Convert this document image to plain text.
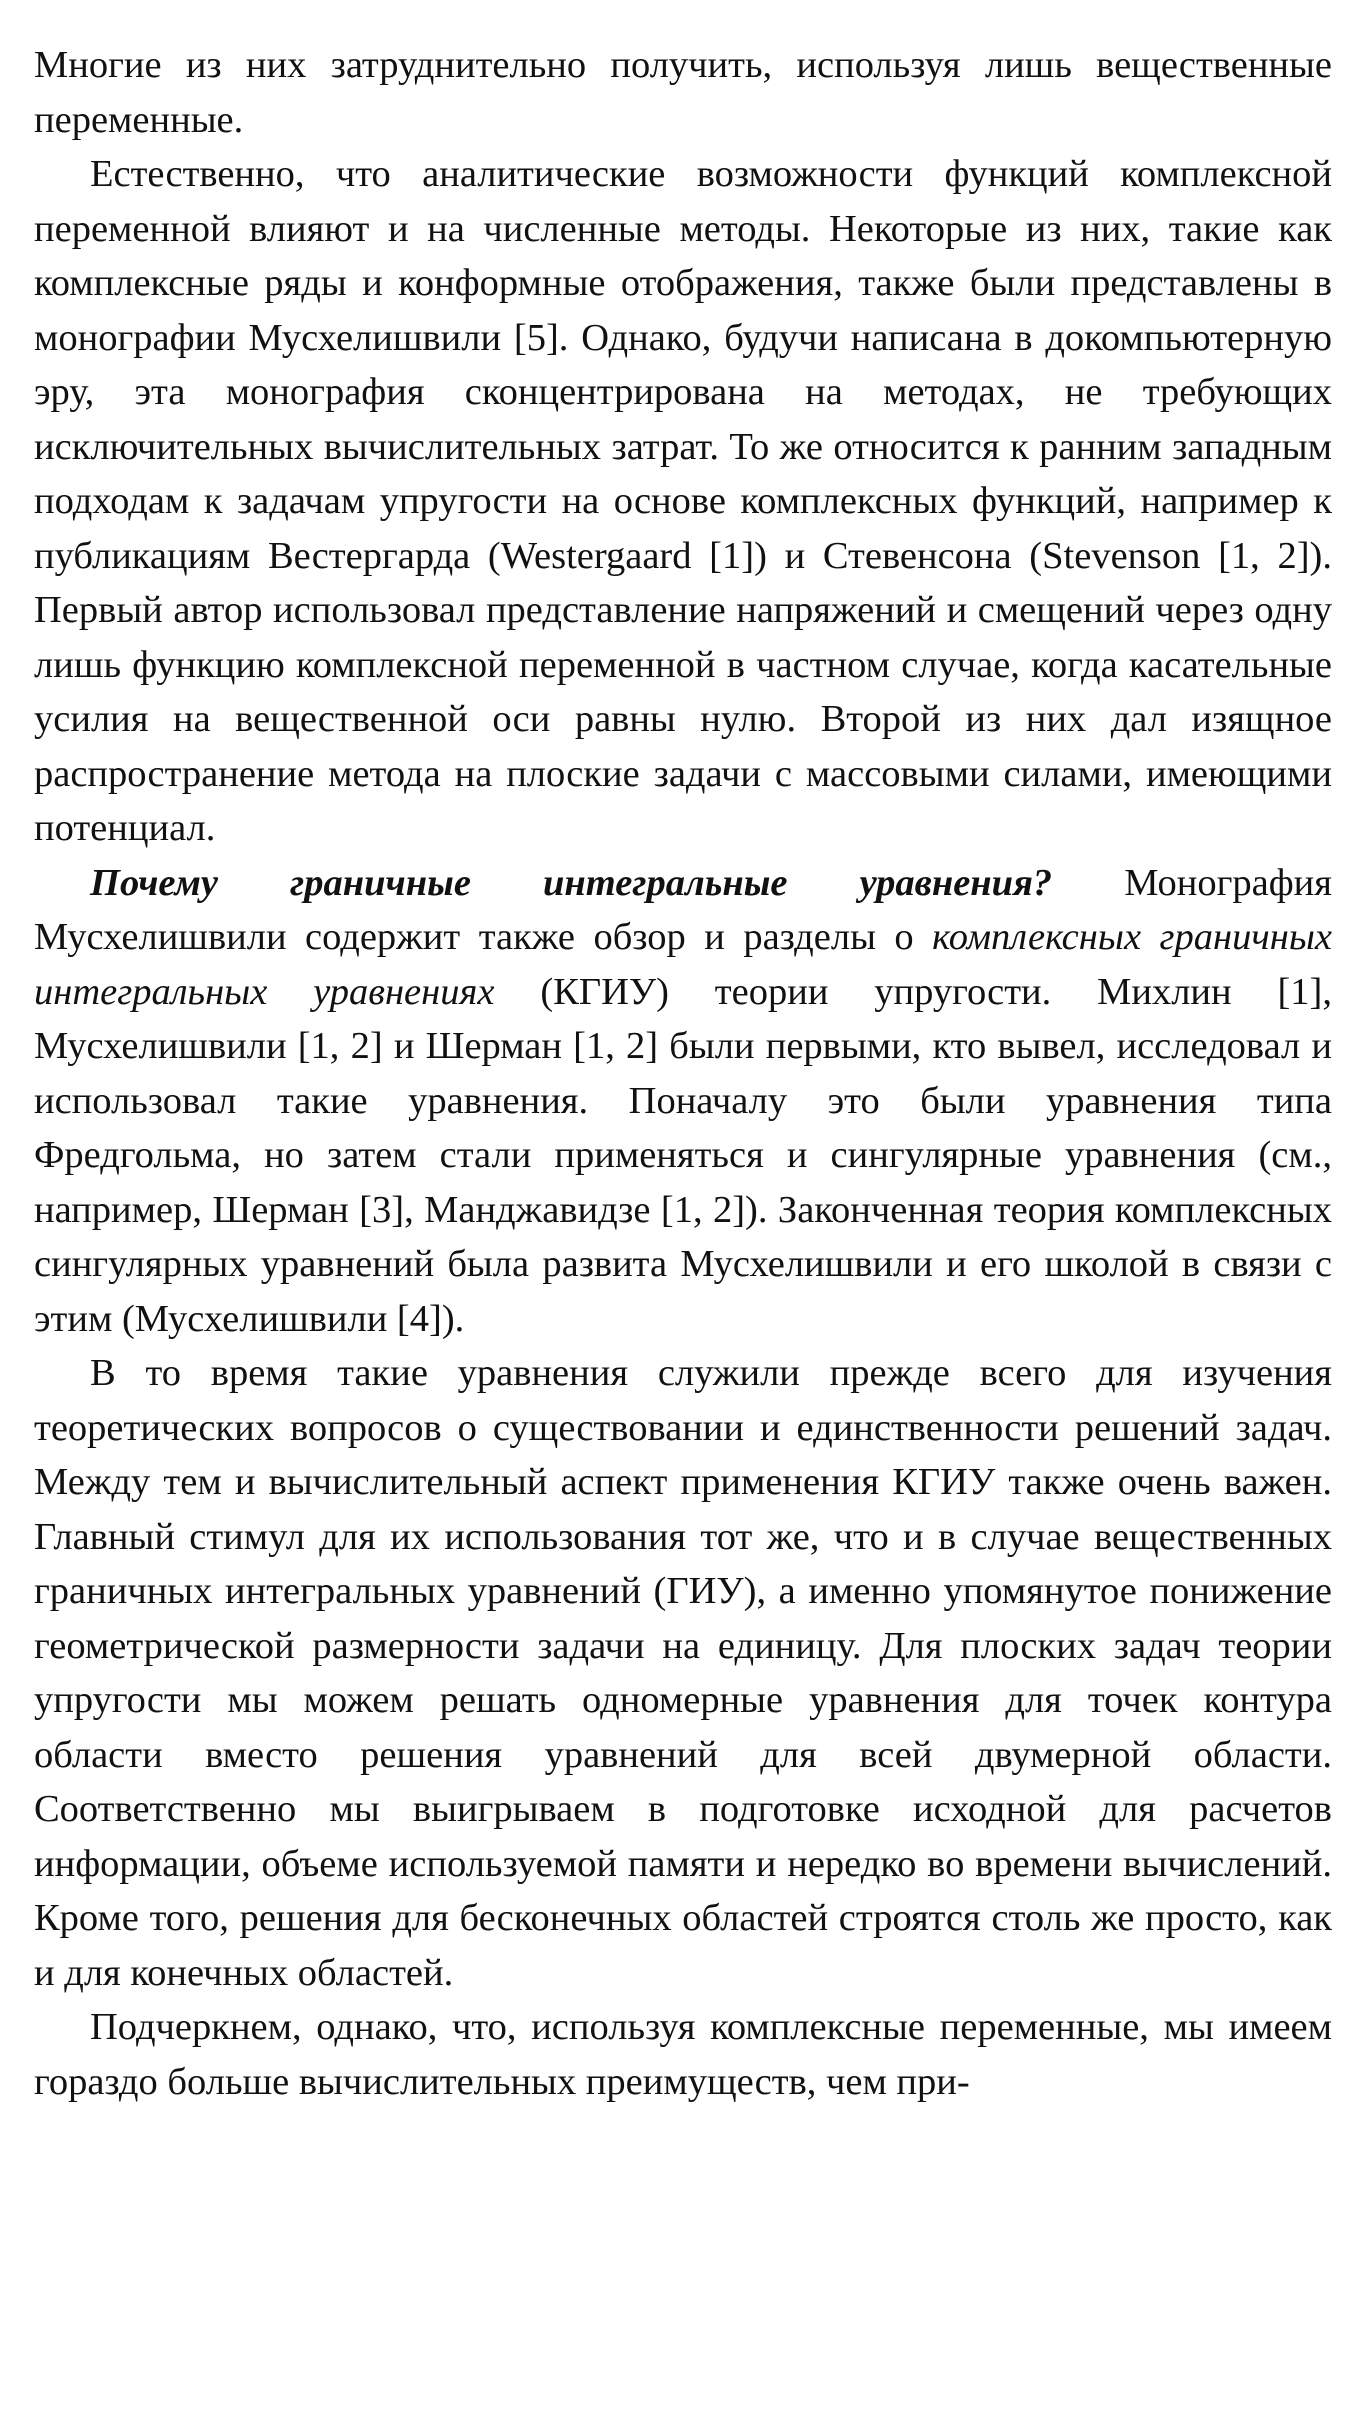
Многие из них затруднительно получить, используя лишь вещественные переменные.

Естественно, что аналитические возможности функций комплексной переменной влияют и на численные методы. Некоторые из них, такие как комплексные ряды и конформные отображения, также были представлены в монографии Мусхелишвили [5]. Однако, будучи написана в докомпьютерную эру, эта монография сконцентрирована на методах, не требующих исключительных вычислительных затрат. То же относится к ранним западным подходам к задачам упругости на основе комплексных функций, например к публикациям Вестергарда (Westergaard [1]) и Стевенсона (Stevenson [1, 2]). Первый автор использовал представление напряжений и смещений через одну лишь функцию комплексной переменной в частном случае, когда касательные усилия на вещественной оси равны нулю. Второй из них дал изящное распространение метода на плоские задачи с массовыми силами, имеющими потенциал.

Почему граничные интегральные уравнения? Монография Мусхелишвили содержит также обзор и разделы о комплексных граничных интегральных уравнениях (КГИУ) теории упругости. Михлин [1], Мусхелишвили [1, 2] и Шерман [1, 2] были первыми, кто вывел, исследовал и использовал такие уравнения. Поначалу это были уравнения типа Фредгольма, но затем стали применяться и сингулярные уравнения (см., например, Шерман [3], Манджавидзе [1, 2]). Законченная теория комплексных сингулярных уравнений была развита Мусхелишвили и его школой в связи с этим (Мусхелишвили [4]).

В то время такие уравнения служили прежде всего для изучения теоретических вопросов о существовании и единственности решений задач. Между тем и вычислительный аспект применения КГИУ также очень важен. Главный стимул для их использования тот же, что и в случае вещественных граничных интегральных уравнений (ГИУ), а именно упомянутое понижение геометрической размерности задачи на единицу. Для плоских задач теории упругости мы можем решать одномерные уравнения для точек контура области вместо решения уравнений для всей двумерной области. Соответственно мы выигрываем в подготовке исходной для расчетов информации, объеме используемой памяти и нередко во времени вычислений. Кроме того, решения для бесконечных областей строятся столь же просто, как и для конечных областей.

Подчеркнем, однако, что, используя комплексные переменные, мы имеем гораздо больше вычислительных преимуществ, чем при-
